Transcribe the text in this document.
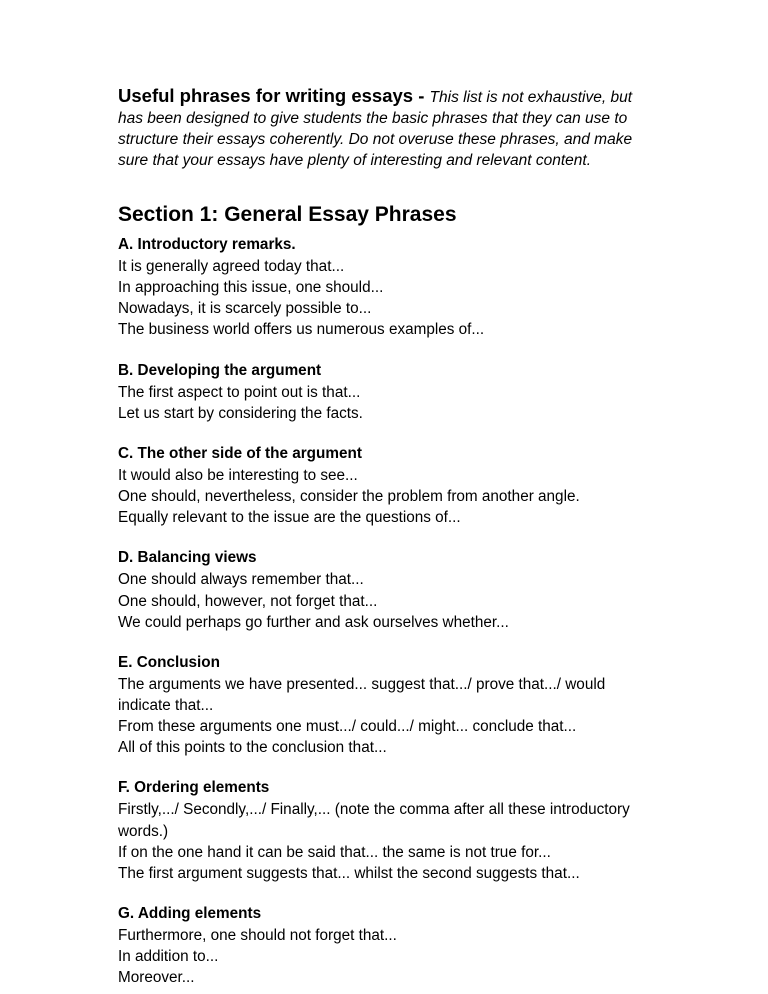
Useful phrases for writing essays - This list is not exhaustive, but has been designed to give students the basic phrases that they can use to structure their essays coherently. Do not overuse these phrases, and make sure that your essays have plenty of interesting and relevant content.

Section 1: General Essay Phrases

A. Introductory remarks.

It is generally agreed today that...

In approaching this issue, one should...

Nowadays, it is scarcely possible to...

The business world offers us numerous examples of...

B. Developing the argument

The first aspect to point out is that...

Let us start by considering the facts.

C. The other side of the argument

It would also be interesting to see...

One should, nevertheless, consider the problem from another angle.

Equally relevant to the issue are the questions of...

D. Balancing views

One should always remember that...

One should, however, not forget that...

We could perhaps go further and ask ourselves whether...

E. Conclusion

The arguments we have presented... suggest that.../ prove that.../ would indicate that...

From these arguments one must.../ could.../ might... conclude that...

All of this points to the conclusion that...

F. Ordering elements

Firstly,.../ Secondly,.../ Finally,... (note the comma after all these introductory words.)

If on the one hand it can be said that... the same is not true for...

The first argument suggests that... whilst the second suggests that...

G. Adding elements

Furthermore, one should not forget that...

In addition to...

Moreover...
